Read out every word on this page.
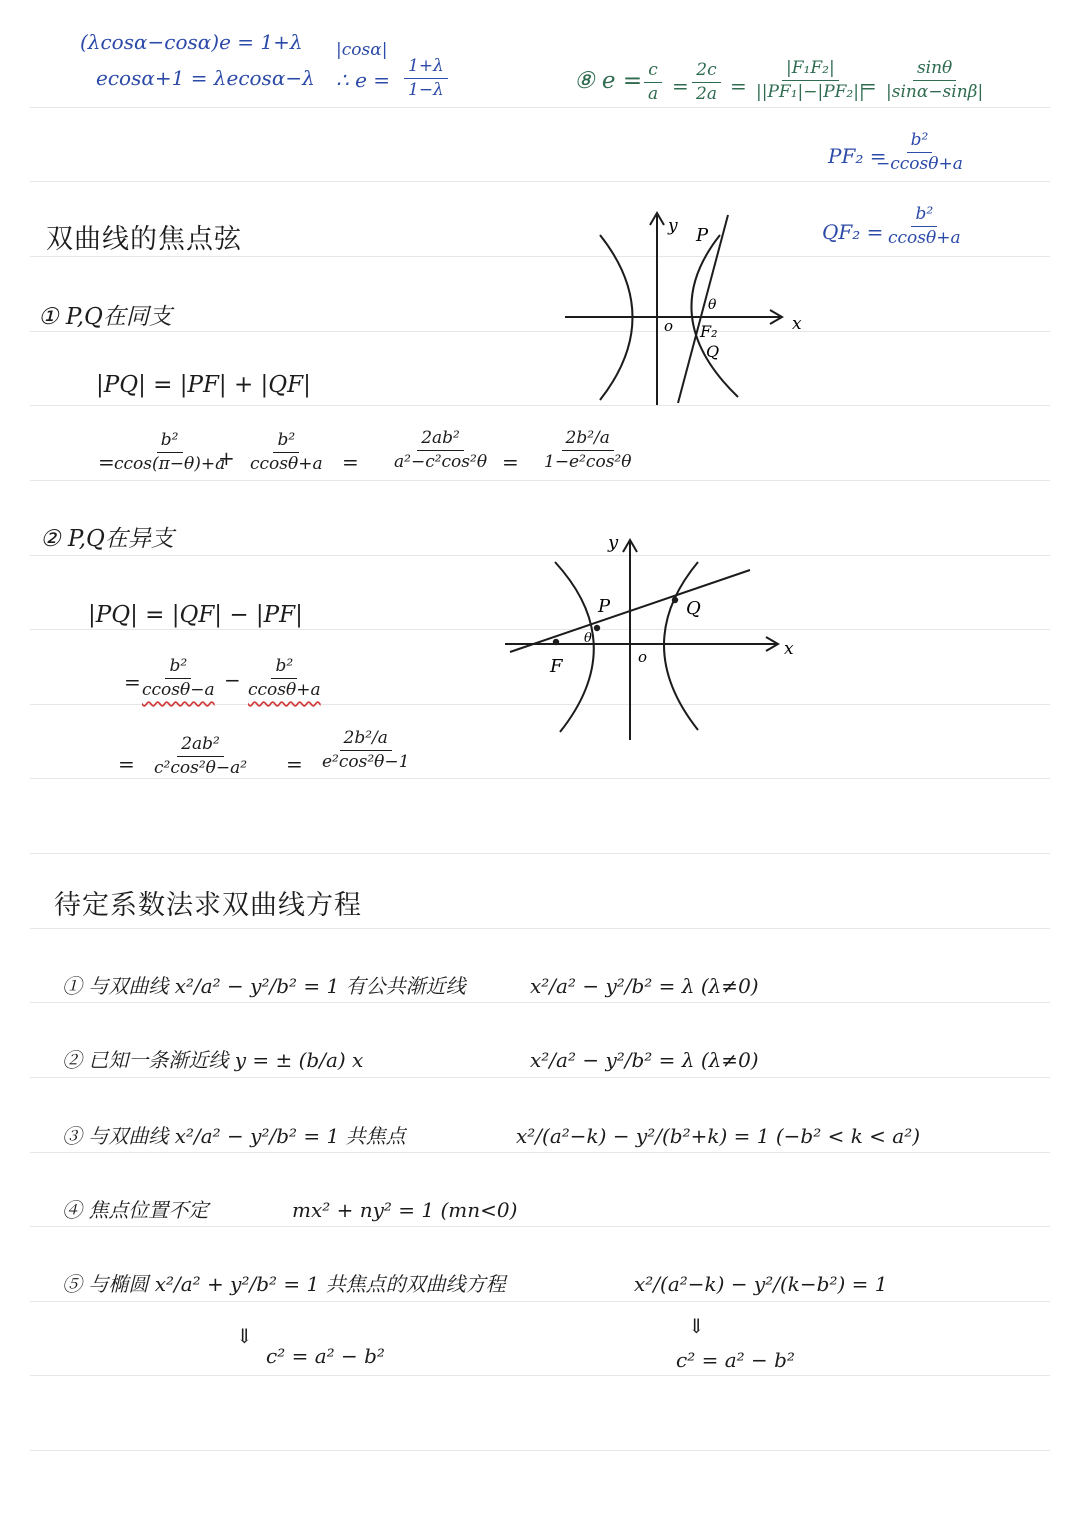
(λcosα−cosα)e = 1+λ
ecosα+1 = λecosα−λ
|cosα|
∴ $e = \frac{1+\lambda}{1-\lambda}$	⑧ $e = \frac{c}{a} = \frac{2c}{2a} = \frac{\text{|F₁F₂|}}{\text{||PF₁|−|PF₂||}}$
= $\frac{\sin\theta}{|\sin\alpha-\sin\beta|}$
PF₂ =
$\frac{\text{b²}}{-ccos\theta+a}$
$QF_2 = \frac{\text{b²}}{ccos\theta+a}$
双曲线的焦点弦
① P,Q在同支
|PQ| = |PF| + |QF|
=
$\frac{\text{b²}}{ccos(\pi-\theta)+a}$
+ $\frac{\text{b²}}{ccos\theta+a} = \frac{\text{2ab²}}{\text{a²−c²cos²θ}} = \frac{\text{2b²/a}}{\text{1−e²cos²θ}}$
② P,Q在异支
|PQ| = |QF| − |PF|
=
$\frac{\text{b²}}{ccos\theta-a} - \frac{\text{b²}}{ccos\theta+a}$
= $\frac{\text{2ab²}}{\text{c²cos²θ−a²}} = \frac{\text{2b²/a}}{\text{e²cos²θ−1}}$
y
x
o
P
F₂
Q
θ
y
x
o
P	Q
F
θ
待定系数法求双曲线方程
① 与双曲线 x²/a² − y²/b² = 1 有公共渐近线	x²/a² − y²/b² = λ (λ≠0)
② 已知一条渐近线 y = ± (b/a) x	x²/a² − y²/b² = λ (λ≠0)
③ 与双曲线 x²/a² − y²/b² = 1 共焦点	x²/(a²−k) − y²/(b²+k) = 1 (−b² < k < a²)
④ 焦点位置不定	mx² + ny² = 1 (mn<0)
⑤ 与椭圆 x²/a² + y²/b² = 1 共焦点的双曲线方程	x²/(a²−k) − y²/(k−b²) = 1
⇓
c² = a² − b²
⇓
c² = a² − b²
